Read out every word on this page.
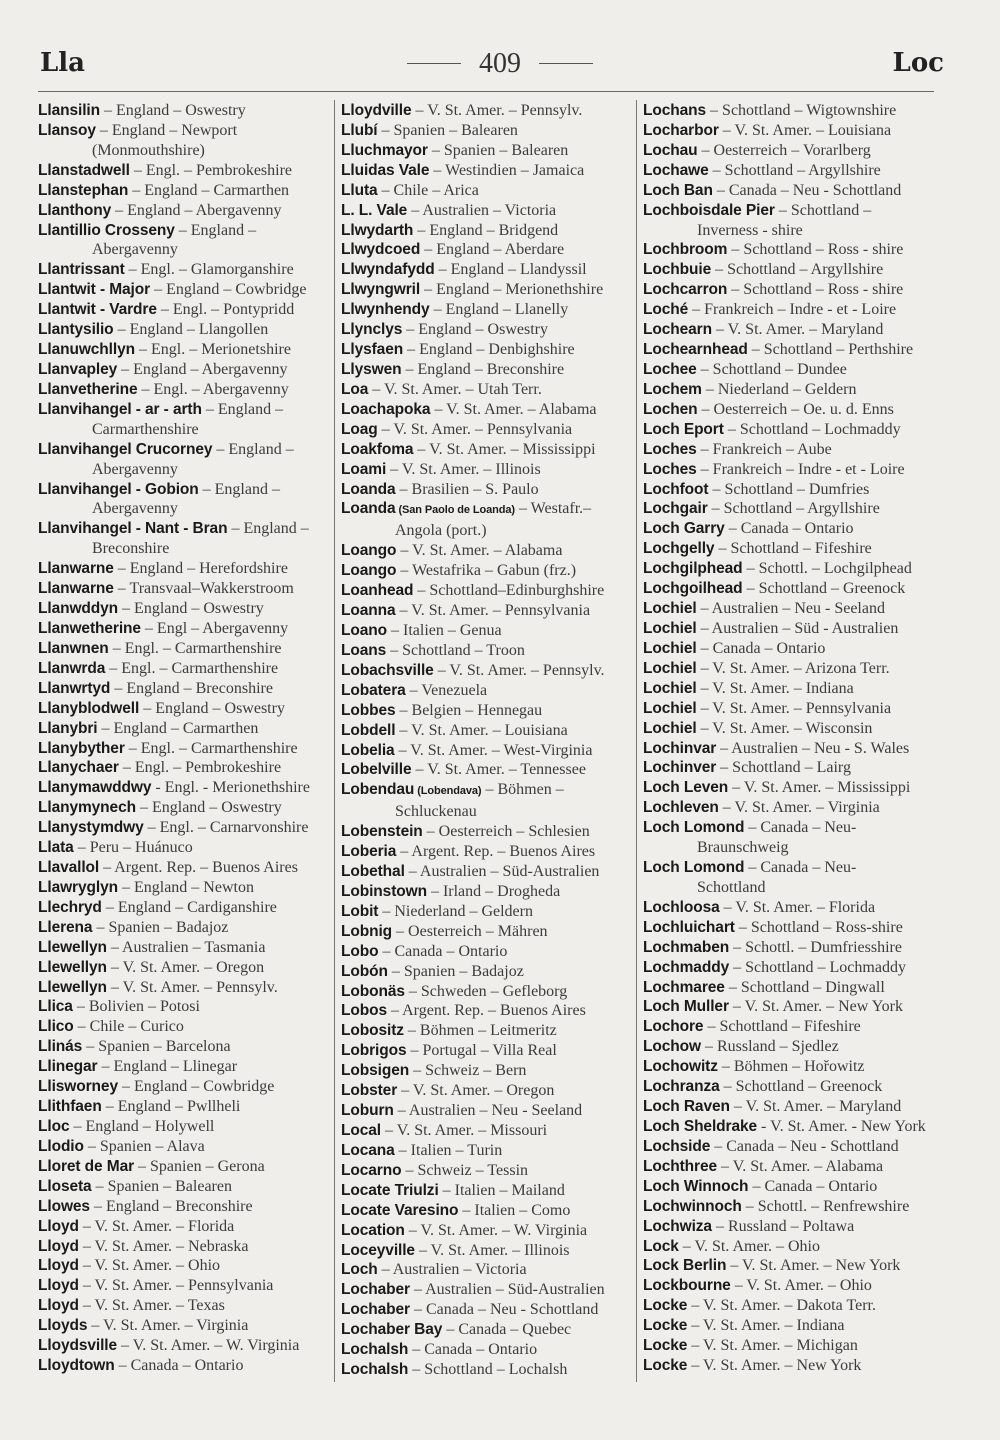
Lla	409	Loc
Llansilin – England – Oswestry
Llansoy – England – Newport
(Monmouthshire)
Llanstadwell – Engl. – Pembrokeshire
Llanstephan – England – Carmarthen
Llanthony – England – Abergavenny
Llantillio Crosseny – England –
Abergavenny
Llantrissant – Engl. – Glamorganshire
Llantwit - Major – England – Cowbridge
Llantwit - Vardre – Engl. – Pontypridd
Llantysilio – England – Llangollen
Llanuwchllyn – Engl. – Merionetshire
Llanvapley – England – Abergavenny
Llanvetherine – Engl. – Abergavenny
Llanvihangel - ar - arth – England –
Carmarthenshire
Llanvihangel Crucorney – England –
Abergavenny
Llanvihangel - Gobion – England –
Abergavenny
Llanvihangel - Nant - Bran – England –
Breconshire
Llanwarne – England – Herefordshire
Llanwarne – Transvaal–Wakkerstroom
Llanwddyn – England – Oswestry
Llanwetherine – Engl – Abergavenny
Llanwnen – Engl. – Carmarthenshire
Llanwrda – Engl. – Carmarthenshire
Llanwrtyd – England – Breconshire
Llanyblodwell – England – Oswestry
Llanybri – England – Carmarthen
Llanybyther – Engl. – Carmarthenshire
Llanychaer – Engl. – Pembrokeshire
Llanymawddwy - Engl. - Merionethshire
Llanymynech – England – Oswestry
Llanystymdwy – Engl. – Carnarvonshire
Llata – Peru – Huánuco
Llavallol – Argent. Rep. – Buenos Aires
Llawryglyn – England – Newton
Llechryd – England – Cardiganshire
Llerena – Spanien – Badajoz
Llewellyn – Australien – Tasmania
Llewellyn – V. St. Amer. – Oregon
Llewellyn – V. St. Amer. – Pennsylv.
Llica – Bolivien – Potosi
Llico – Chile – Curico
Llinás – Spanien – Barcelona
Llinegar – England – Llinegar
Llisworney – England – Cowbridge
Llithfaen – England – Pwllheli
Lloc – England – Holywell
Llodio – Spanien – Alava
Lloret de Mar – Spanien – Gerona
Lloseta – Spanien – Balearen
Llowes – England – Breconshire
Lloyd – V. St. Amer. – Florida
Lloyd – V. St. Amer. – Nebraska
Lloyd – V. St. Amer. – Ohio
Lloyd – V. St. Amer. – Pennsylvania
Lloyd – V. St. Amer. – Texas
Lloyds – V. St. Amer. – Virginia
Lloydsville – V. St. Amer. – W. Virginia
Lloydtown – Canada – Ontario
Lloydville – V. St. Amer. – Pennsylv.
Llubí – Spanien – Balearen
Lluchmayor – Spanien – Balearen
Lluidas Vale – Westindien – Jamaica
Lluta – Chile – Arica
L. L. Vale – Australien – Victoria
Llwydarth – England – Bridgend
Llwydcoed – England – Aberdare
Llwyndafydd – England – Llandyssil
Llwyngwril – England – Merionethshire
Llwynhendy – England – Llanelly
Llynclys – England – Oswestry
Llysfaen – England – Denbighshire
Llyswen – England – Breconshire
Loa – V. St. Amer. – Utah Terr.
Loachapoka – V. St. Amer. – Alabama
Loag – V. St. Amer. – Pennsylvania
Loakfoma – V. St. Amer. – Mississippi
Loami – V. St. Amer. – Illinois
Loanda – Brasilien – S. Paulo
Loanda (San Paolo de Loanda) – Westafr.–
Angola (port.)
Loango – V. St. Amer. – Alabama
Loango – Westafrika – Gabun (frz.)
Loanhead – Schottland–Edinburghshire
Loanna – V. St. Amer. – Pennsylvania
Loano – Italien – Genua
Loans – Schottland – Troon
Lobachsville – V. St. Amer. – Pennsylv.
Lobatera – Venezuela
Lobbes – Belgien – Hennegau
Lobdell – V. St. Amer. – Louisiana
Lobelia – V. St. Amer. – West-Virginia
Lobelville – V. St. Amer. – Tennessee
Lobendau (Lobendava) – Böhmen –
Schluckenau
Lobenstein – Oesterreich – Schlesien
Loberia – Argent. Rep. – Buenos Aires
Lobethal – Australien – Süd-Australien
Lobinstown – Irland – Drogheda
Lobit – Niederland – Geldern
Lobnig – Oesterreich – Mähren
Lobo – Canada – Ontario
Lobón – Spanien – Badajoz
Lobonäs – Schweden – Gefleborg
Lobos – Argent. Rep. – Buenos Aires
Lobositz – Böhmen – Leitmeritz
Lobrigos – Portugal – Villa Real
Lobsigen – Schweiz – Bern
Lobster – V. St. Amer. – Oregon
Loburn – Australien – Neu - Seeland
Local – V. St. Amer. – Missouri
Locana – Italien – Turin
Locarno – Schweiz – Tessin
Locate Triulzi – Italien – Mailand
Locate Varesino – Italien – Como
Location – V. St. Amer. – W. Virginia
Loceyville – V. St. Amer. – Illinois
Loch – Australien – Victoria
Lochaber – Australien – Süd-Australien
Lochaber – Canada – Neu - Schottland
Lochaber Bay – Canada – Quebec
Lochalsh – Canada – Ontario
Lochalsh – Schottland – Lochalsh
Lochans – Schottland – Wigtownshire
Locharbor – V. St. Amer. – Louisiana
Lochau – Oesterreich – Vorarlberg
Lochawe – Schottland – Argyllshire
Loch Ban – Canada – Neu - Schottland
Lochboisdale Pier – Schottland –
Inverness - shire
Lochbroom – Schottland – Ross - shire
Lochbuie – Schottland – Argyllshire
Lochcarron – Schottland – Ross - shire
Loché – Frankreich – Indre - et - Loire
Lochearn – V. St. Amer. – Maryland
Lochearnhead – Schottland – Perthshire
Lochee – Schottland – Dundee
Lochem – Niederland – Geldern
Lochen – Oesterreich – Oe. u. d. Enns
Loch Eport – Schottland – Lochmaddy
Loches – Frankreich – Aube
Loches – Frankreich – Indre - et - Loire
Lochfoot – Schottland – Dumfries
Lochgair – Schottland – Argyllshire
Loch Garry – Canada – Ontario
Lochgelly – Schottland – Fifeshire
Lochgilphead – Schottl. – Lochgilphead
Lochgoilhead – Schottland – Greenock
Lochiel – Australien – Neu - Seeland
Lochiel – Australien – Süd - Australien
Lochiel – Canada – Ontario
Lochiel – V. St. Amer. – Arizona Terr.
Lochiel – V. St. Amer. – Indiana
Lochiel – V. St. Amer. – Pennsylvania
Lochiel – V. St. Amer. – Wisconsin
Lochinvar – Australien – Neu - S. Wales
Lochinver – Schottland – Lairg
Loch Leven – V. St. Amer. – Mississippi
Lochleven – V. St. Amer. – Virginia
Loch Lomond – Canada – Neu-
Braunschweig
Loch Lomond – Canada – Neu-
Schottland
Lochloosa – V. St. Amer. – Florida
Lochluichart – Schottland – Ross-shire
Lochmaben – Schottl. – Dumfriesshire
Lochmaddy – Schottland – Lochmaddy
Lochmaree – Schottland – Dingwall
Loch Muller – V. St. Amer. – New York
Lochore – Schottland – Fifeshire
Lochow – Russland – Sjedlez
Lochowitz – Böhmen – Hořowitz
Lochranza – Schottland – Greenock
Loch Raven – V. St. Amer. – Maryland
Loch Sheldrake - V. St. Amer. - New York
Lochside – Canada – Neu - Schottland
Lochthree – V. St. Amer. – Alabama
Loch Winnoch – Canada – Ontario
Lochwinnoch – Schottl. – Renfrewshire
Lochwiza – Russland – Poltawa
Lock – V. St. Amer. – Ohio
Lock Berlin – V. St. Amer. – New York
Lockbourne – V. St. Amer. – Ohio
Locke – V. St. Amer. – Dakota Terr.
Locke – V. St. Amer. – Indiana
Locke – V. St. Amer. – Michigan
Locke – V. St. Amer. – New York
